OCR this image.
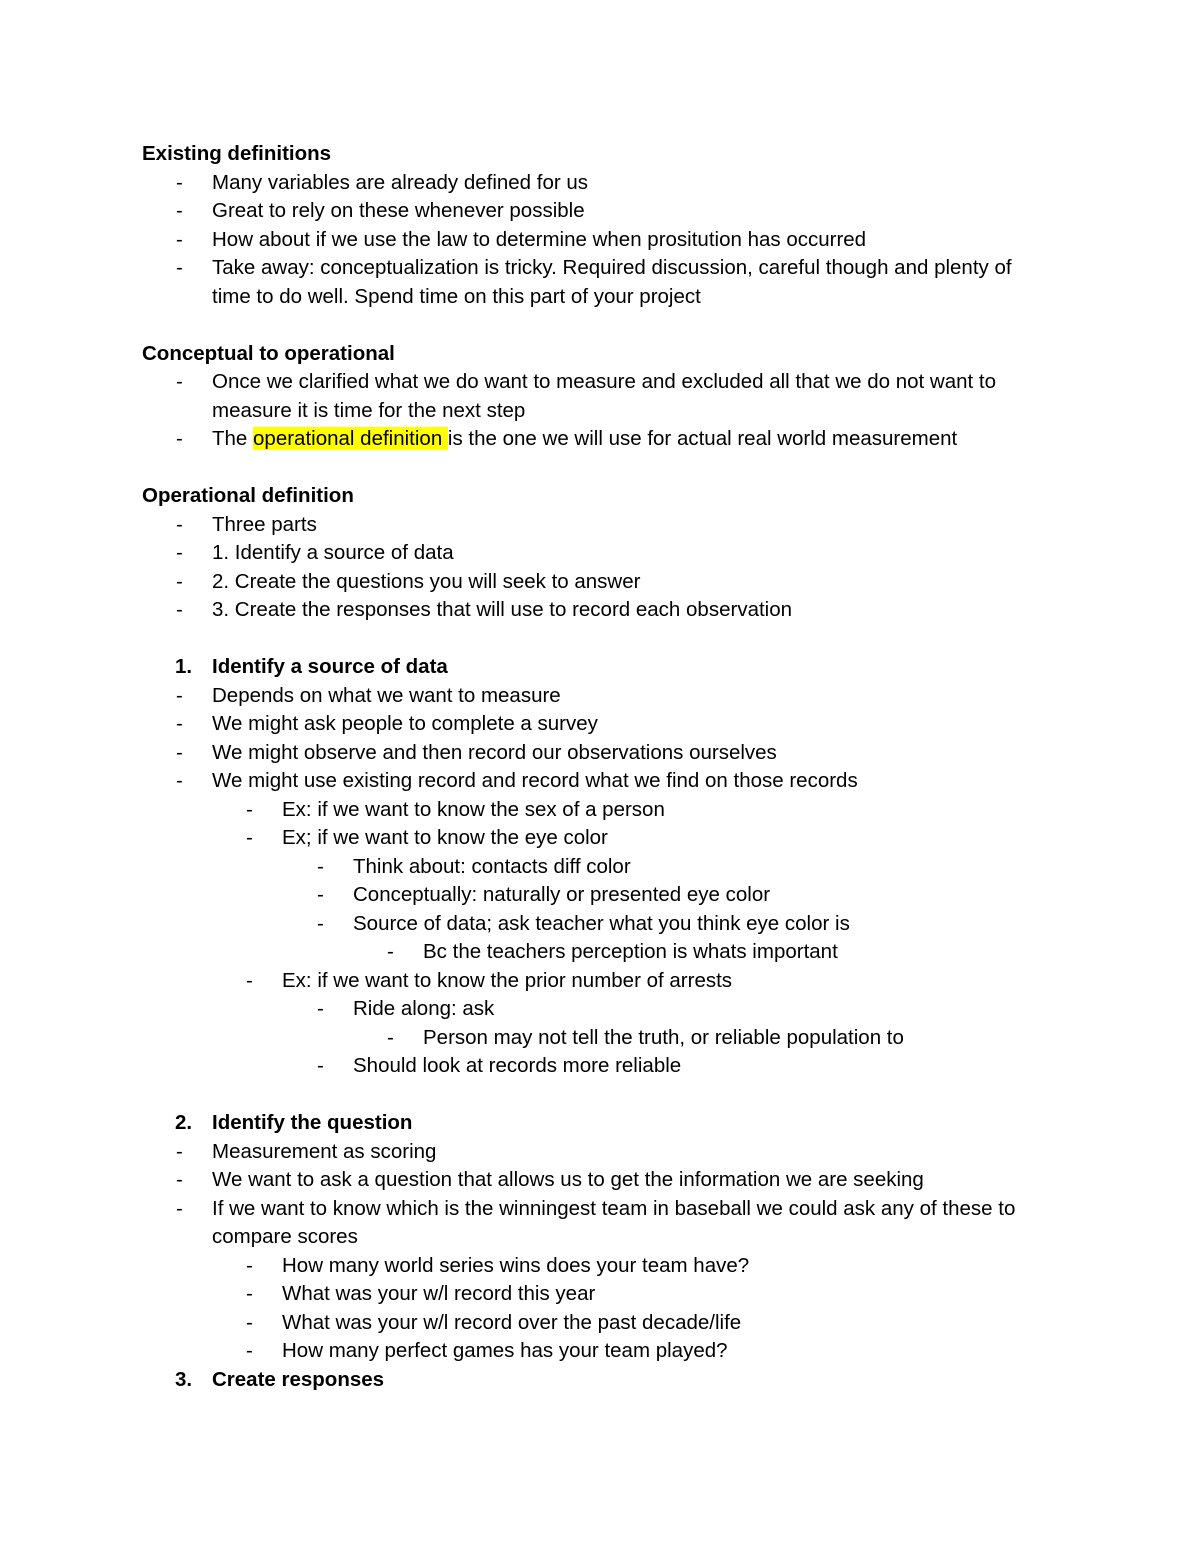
Existing definitions
- Many variables are already defined for us
- Great to rely on these whenever possible
- How about if we use the law to determine when prositution has occurred
- Take away: conceptualization is tricky. Required discussion, careful though and plenty of
time to do well. Spend time on this part of your project
Conceptual to operational
- Once we clarified what we do want to measure and excluded all that we do not want to
measure it is time for the next step
- The operational definition is the one we will use for actual real world measurement
Operational definition
- Three parts
- 1. Identify a source of data
- 2. Create the questions you will seek to answer
- 3. Create the responses that will use to record each observation
1. Identify a source of data
- Depends on what we want to measure
- We might ask people to complete a survey
- We might observe and then record our observations ourselves
- We might use existing record and record what we find on those records
- Ex: if we want to know the sex of a person
- Ex; if we want to know the eye color
- Think about: contacts diff color
- Conceptually: naturally or presented eye color
- Source of data; ask teacher what you think eye color is
- Bc the teachers perception is whats important
- Ex: if we want to know the prior number of arrests
- Ride along: ask
- Person may not tell the truth, or reliable population to
- Should look at records more reliable
2. Identify the question
- Measurement as scoring
- We want to ask a question that allows us to get the information we are seeking
- If we want to know which is the winningest team in baseball we could ask any of these to
compare scores
- How many world series wins does your team have?
- What was your w/l record this year
- What was your w/l record over the past decade/life
- How many perfect games has your team played?
3. Create responses
